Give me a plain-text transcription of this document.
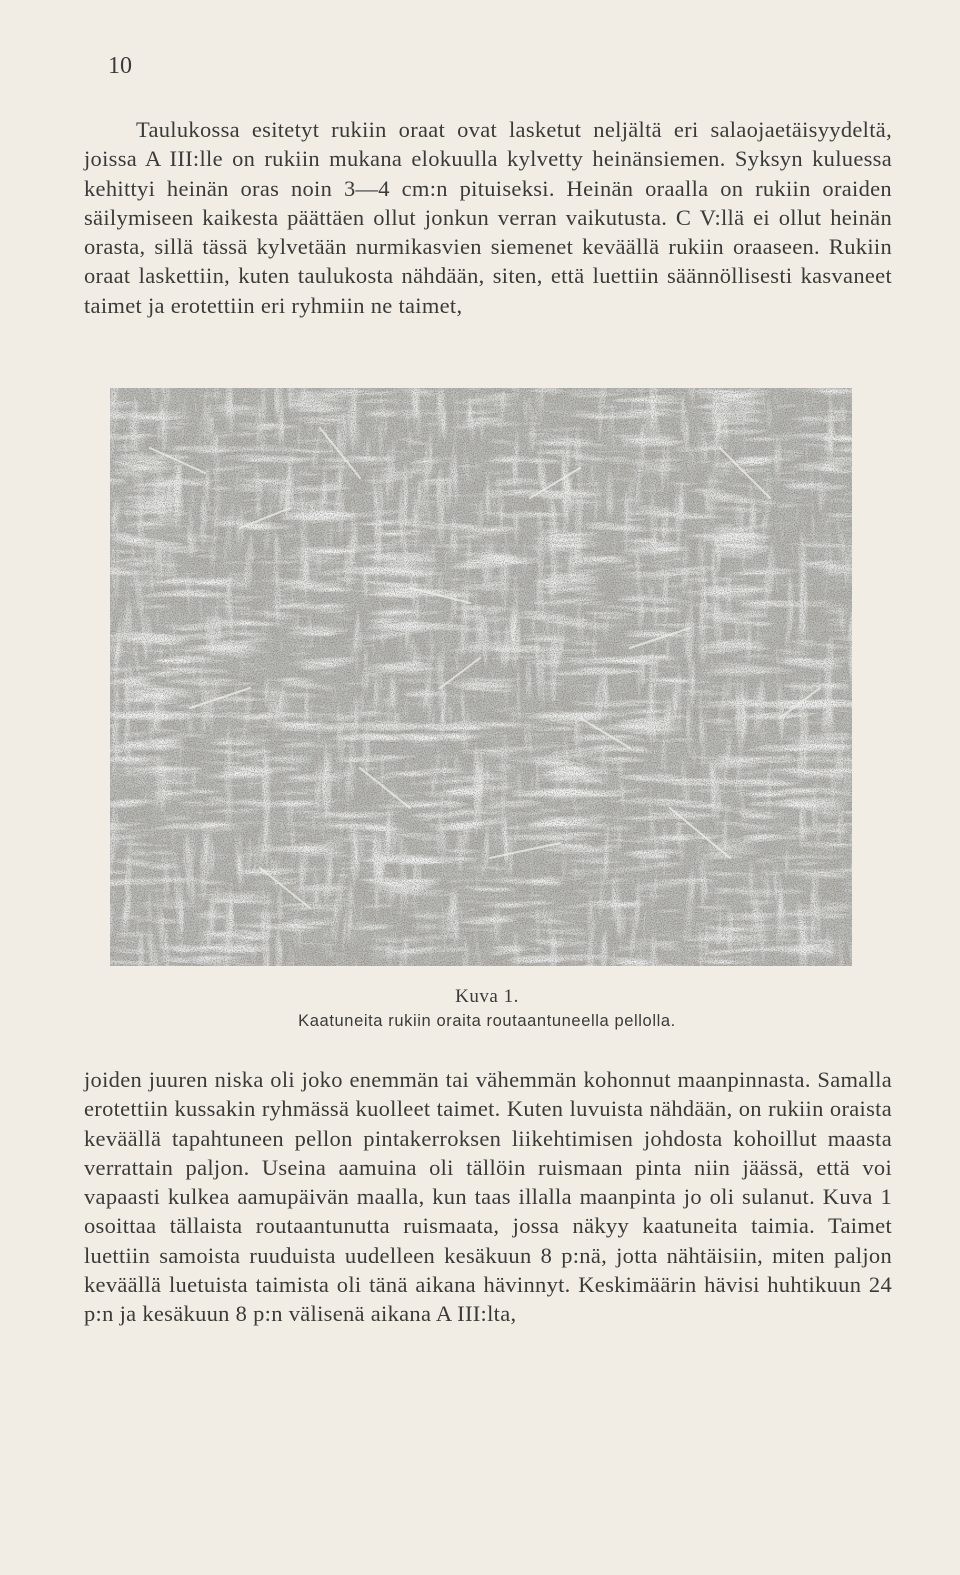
10

Taulukossa esitetyt rukiin oraat ovat lasketut neljältä eri salaojaetäisyydeltä, joissa A III:lle on rukiin mukana elokuulla kylvetty heinänsiemen. Syksyn kuluessa kehittyi heinän oras noin 3—4 cm:n pituiseksi. Heinän oraalla on rukiin oraiden säilymiseen kaikesta päättäen ollut jonkun verran vaikutusta. C V:llä ei ollut heinän orasta, sillä tässä kylvetään nurmikasvien siemenet keväällä rukiin oraaseen. Rukiin oraat laskettiin, kuten taulukosta nähdään, siten, että luettiin säännöllisesti kasvaneet taimet ja erotettiin eri ryhmiin ne taimet,

Kuva 1.
Kaatuneita rukiin oraita routaantuneella pellolla.

joiden juuren niska oli joko enemmän tai vähemmän kohonnut maanpinnasta. Samalla erotettiin kussakin ryhmässä kuolleet taimet. Kuten luvuista nähdään, on rukiin oraista keväällä tapahtuneen pellon pintakerroksen liikehtimisen johdosta kohoillut maasta verrattain paljon. Useina aamuina oli tällöin ruismaan pinta niin jäässä, että voi vapaasti kulkea aamupäivän maalla, kun taas illalla maanpinta jo oli sulanut. Kuva 1 osoittaa tällaista routaantunutta ruismaata, jossa näkyy kaatuneita taimia. Taimet luettiin samoista ruuduista uudelleen kesäkuun 8 p:nä, jotta nähtäisiin, miten paljon keväällä luetuista taimista oli tänä aikana hävinnyt. Keskimäärin hävisi huhtikuun 24 p:n ja kesäkuun 8 p:n välisenä aikana A III:lta,
